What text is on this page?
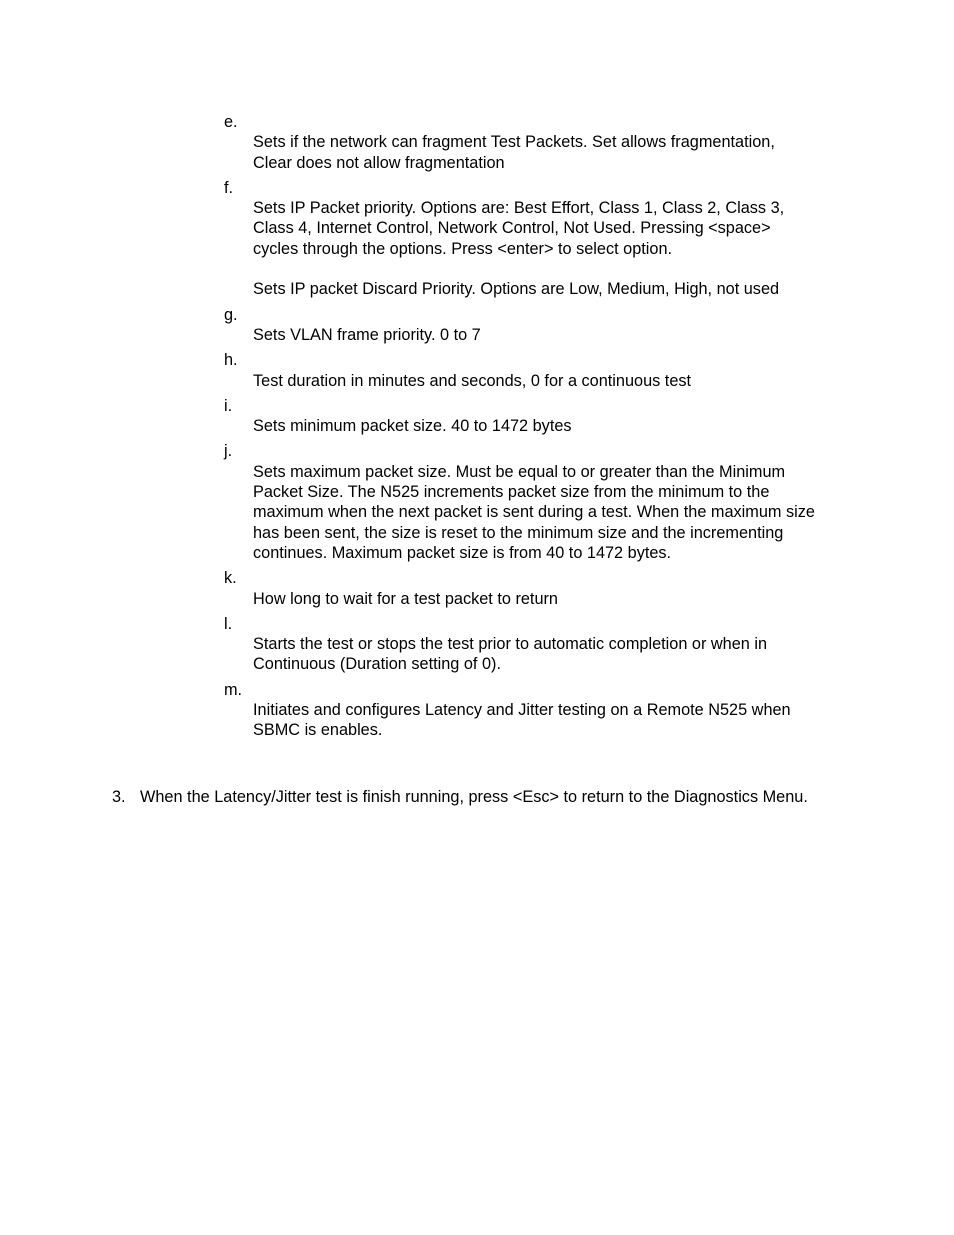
e.
Sets if the network can fragment Test Packets. Set allows fragmentation, Clear does not allow fragmentation
f.
Sets IP Packet priority. Options are: Best Effort, Class 1, Class 2, Class 3, Class 4, Internet Control, Network Control, Not Used. Pressing <space> cycles through the options. Press <enter> to select option.
Sets IP packet Discard Priority. Options are Low, Medium, High, not used
g.
Sets VLAN frame priority. 0 to 7
h.
Test duration in minutes and seconds, 0 for a continuous test
i.
Sets minimum packet size. 40 to 1472 bytes
j.
Sets maximum packet size. Must be equal to or greater than the Minimum Packet Size. The N525 increments packet size from the minimum to the maximum when the next packet is sent during a test. When the maximum size has been sent, the size is reset to the minimum size and the incrementing continues. Maximum packet size is from 40 to 1472 bytes.
k.
How long to wait for a test packet to return
l.
Starts the test or stops the test prior to automatic completion or when in Continuous (Duration setting of 0).
m.
Initiates and configures Latency and Jitter testing on a Remote N525 when SBMC is enables.
3. When the Latency/Jitter test is finish running, press <Esc> to return to the Diagnostics Menu.
